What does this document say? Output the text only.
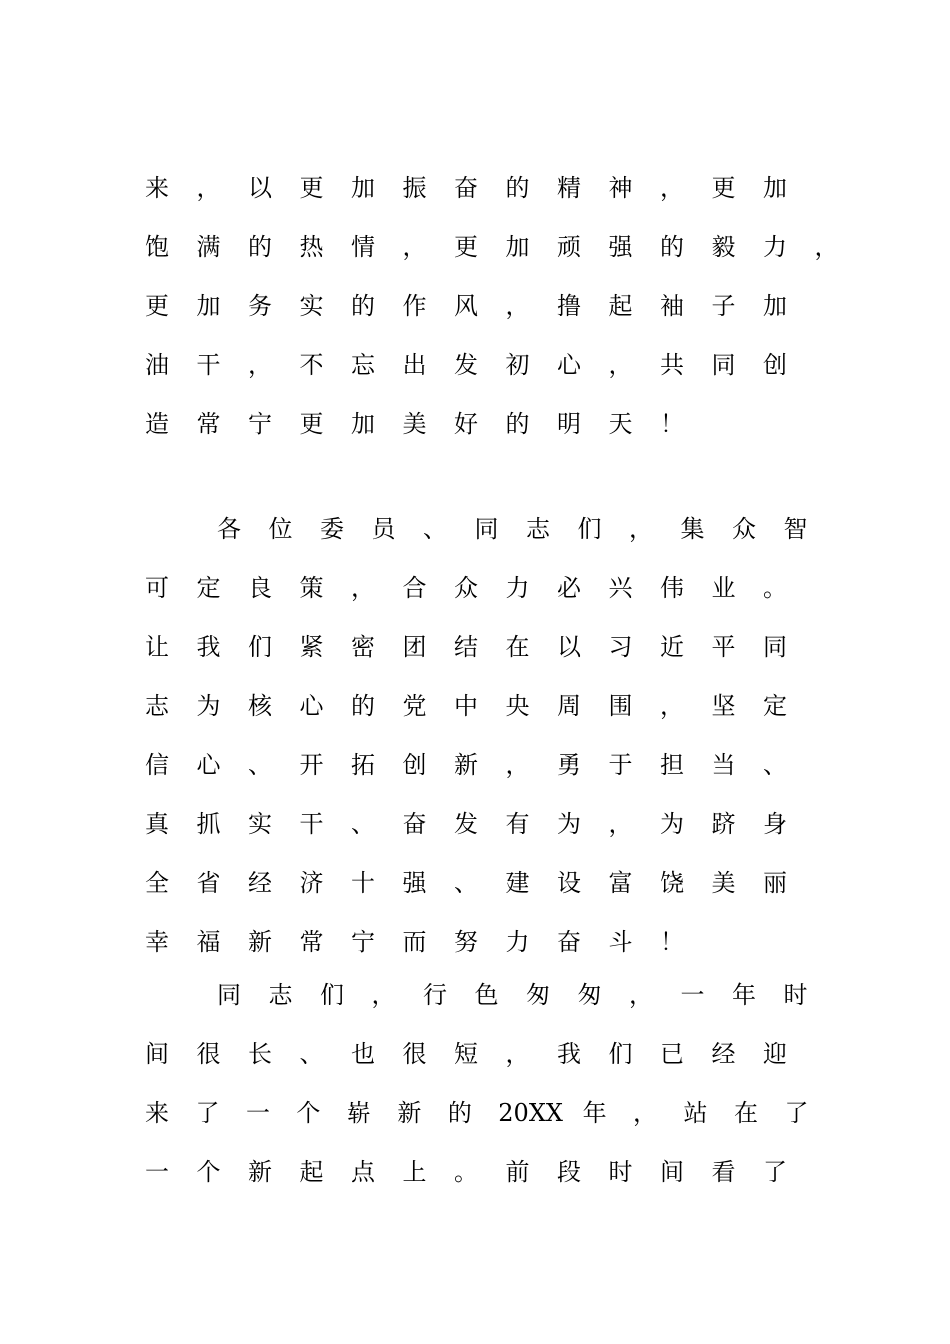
来	，	以	更	加	振	奋	的	精	神	，	更	加
饱	满	的	热	情	，	更	加	顽	强	的	毅	力	，
更	加	务	实	的	作	风	，	撸	起	袖	子	加
油	干	，	不	忘	出	发	初	心	，	共	同	创
造	常	宁	更	加	美	好	的	明	天	！
各	位	委	员	、	同	志	们	，	集	众	智
可	定	良	策	，	合	众	力	必	兴	伟	业	。
让	我	们	紧	密	团	结	在	以	习	近	平	同
志	为	核	心	的	党	中	央	周	围	，	坚	定
信	心	、	开	拓	创	新	，	勇	于	担	当	、
真	抓	实	干	、	奋	发	有	为	，	为	跻	身
全	省	经	济	十	强	、	建	设	富	饶	美	丽
幸	福	新	常	宁	而	努	力	奋	斗	！
同	志	们	，	行	色	匆	匆	，	一	年	时
间	很	长	、	也	很	短	，	我	们	已	经	迎
来	了	一	个	崭	新	的	20XX 年	，	站	在	了
一	个	新	起	点	上	。	前	段	时	间	看	了
